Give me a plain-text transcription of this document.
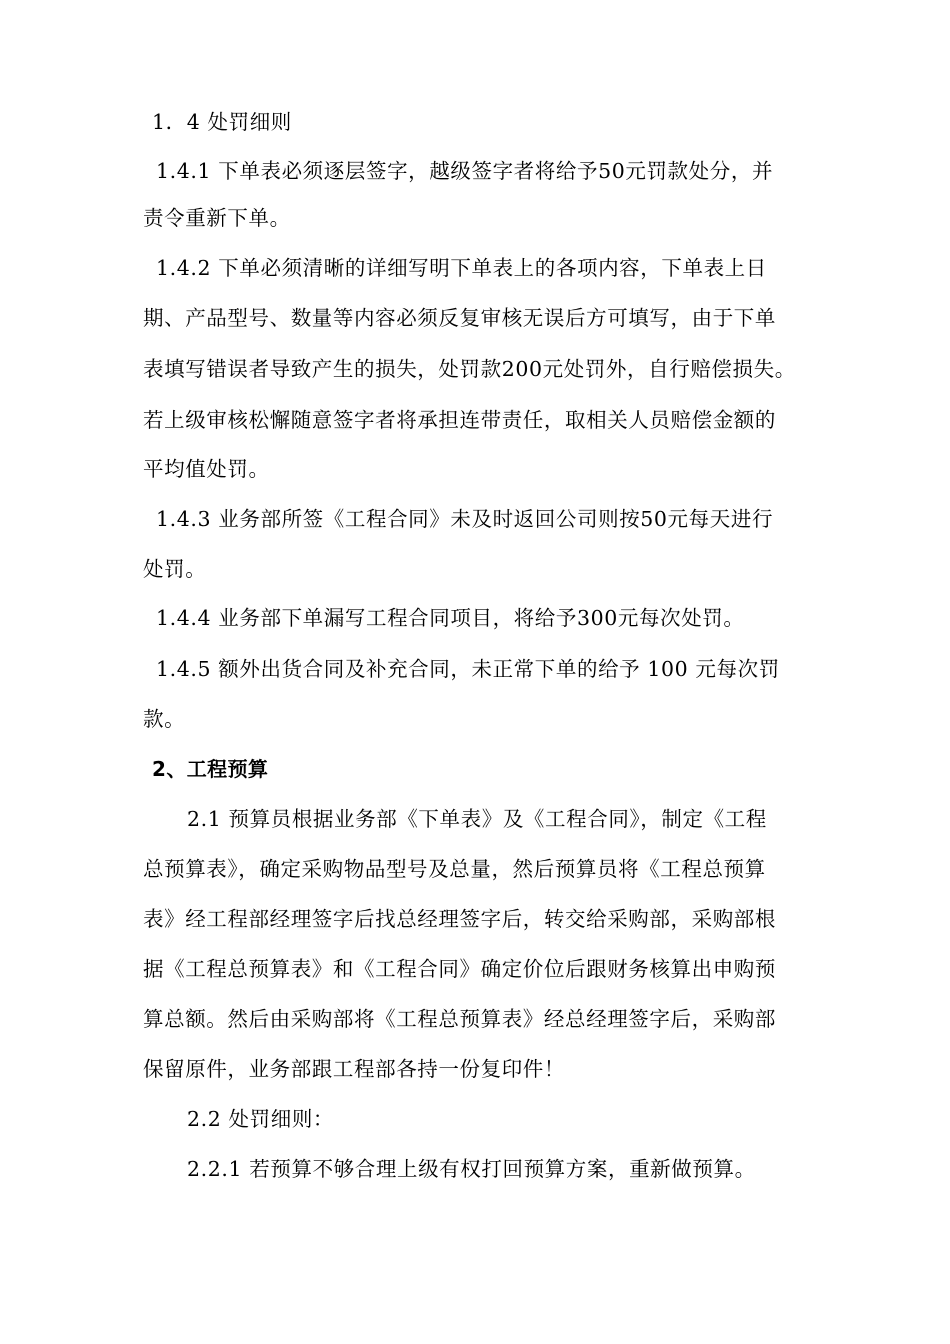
1．4 处罚细则
1.4.1 下单表必须逐层签字，越级签字者将给予50元罚款处分，并
责令重新下单。
1.4.2 下单必须清晰的详细写明下单表上的各项内容，下单表上日
期、产品型号、数量等内容必须反复审核无误后方可填写，由于下单
表填写错误者导致产生的损失，处罚款200元处罚外，自行赔偿损失。
若上级审核松懈随意签字者将承担连带责任，取相关人员赔偿金额的
平均值处罚。
1.4.3 业务部所签《工程合同》未及时返回公司则按50元每天进行
处罚。
1.4.4 业务部下单漏写工程合同项目，将给予300元每次处罚。
1.4.5 额外出货合同及补充合同，未正常下单的给予 100 元每次罚
款。
2、工程预算
2.1 预算员根据业务部《下单表》及《工程合同》，制定《工程
总预算表》，确定采购物品型号及总量，然后预算员将《工程总预算
表》经工程部经理签字后找总经理签字后，转交给采购部，采购部根
据《工程总预算表》和《工程合同》确定价位后跟财务核算出申购预
算总额。然后由采购部将《工程总预算表》经总经理签字后，采购部
保留原件，业务部跟工程部各持一份复印件！
2.2 处罚细则：
2.2.1 若预算不够合理上级有权打回预算方案，重新做预算。
